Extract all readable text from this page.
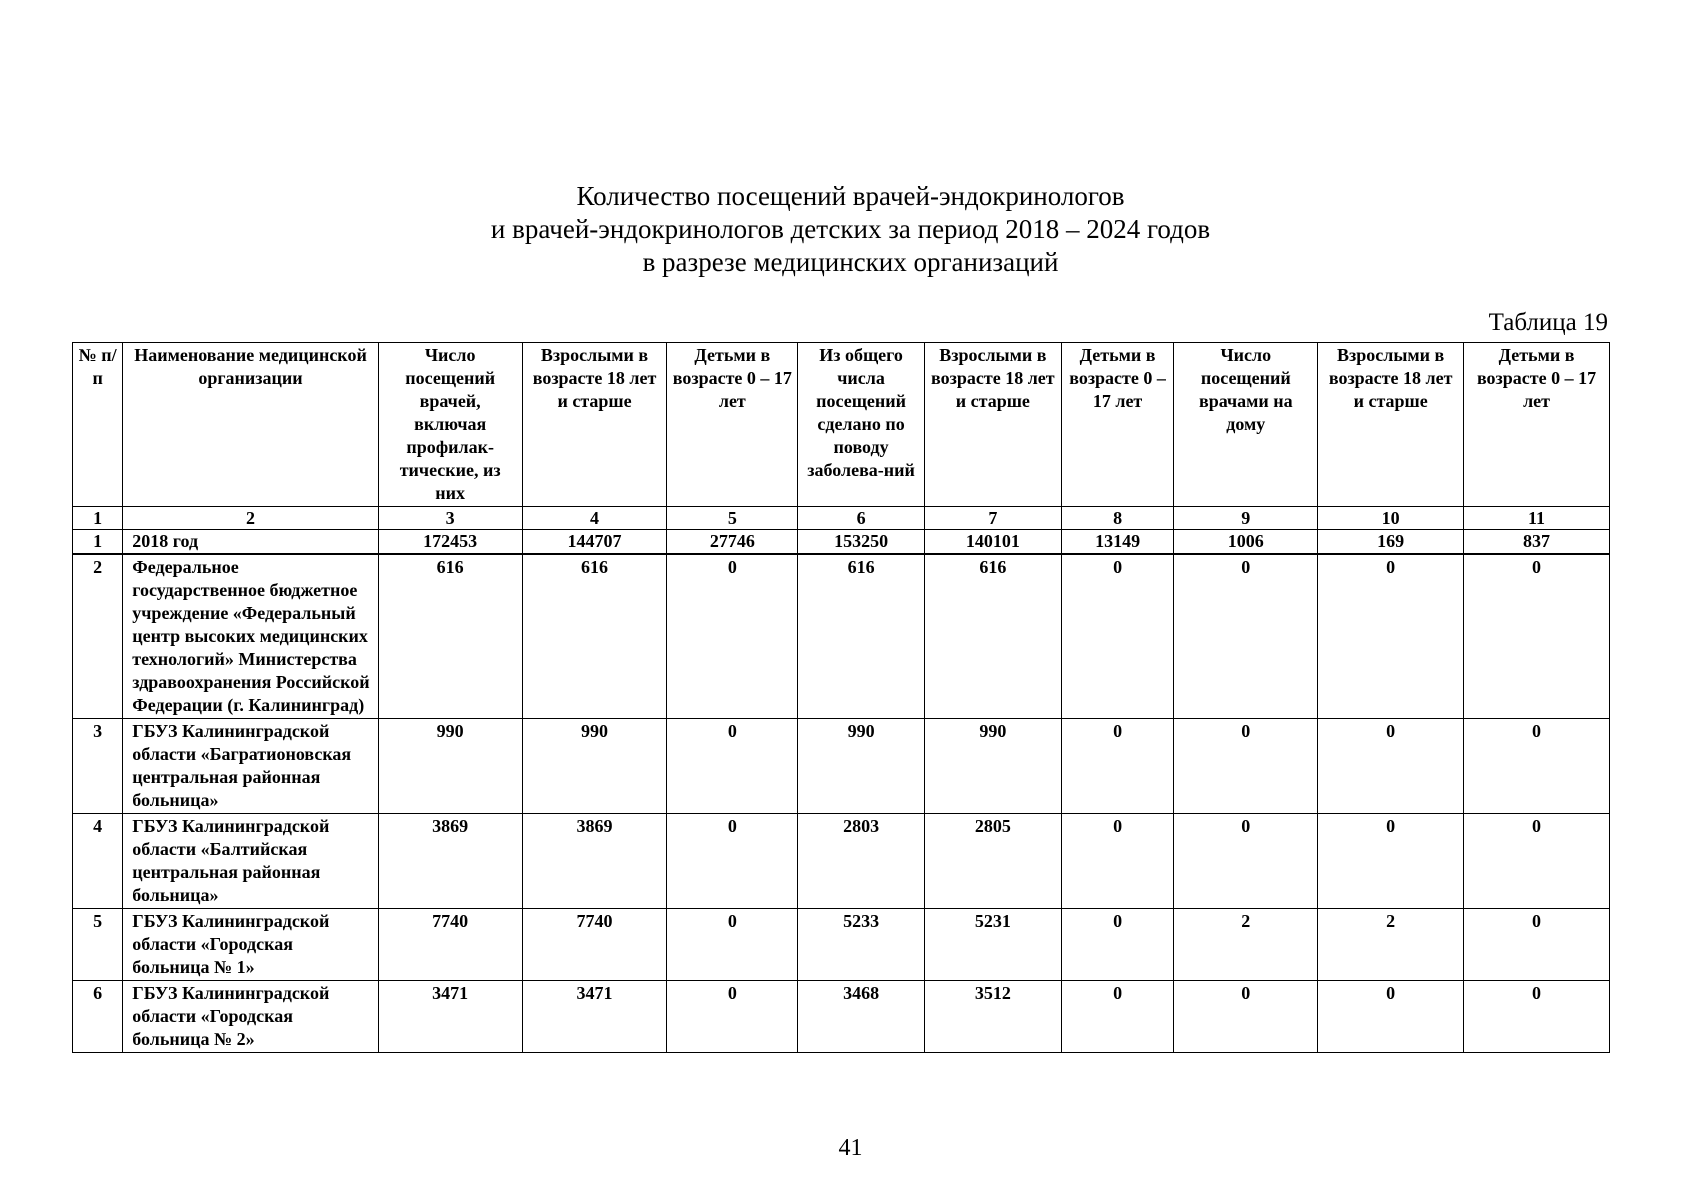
Количество посещений врачей-эндокринологов
и врачей-эндокринологов детских за период 2018 – 2024 годов
в разрезе медицинских организаций
Таблица 19
№ п/п	Наименование медицинской организации	Число посещений врачей, включая профилак-тические, из них	Взрослыми в возрасте 18 лет и старше	Детьми в возрасте 0 – 17 лет	Из общего числа посещений сделано по поводу заболева-ний	Взрослыми в возрасте 18 лет и старше	Детьми в возрасте 0 – 17 лет	Число посещений врачами на дому	Взрослыми в возрасте 18 лет и старше	Детьми в возрасте 0 – 17 лет
1	2	3	4	5	6	7	8	9	10	11
1	2018 год	172453	144707	27746	153250	140101	13149	1006	169	837
2	Федеральное государственное бюджетное учреждение «Федеральный центр высоких медицинских технологий» Министерства здравоохранения Российской Федерации (г. Калининград)	616	616	0	616	616	0	0	0	0
3	ГБУЗ Калининградской области «Багратионовская центральная районная больница»	990	990	0	990	990	0	0	0	0
4	ГБУЗ Калининградской области «Балтийская центральная районная больница»	3869	3869	0	2803	2805	0	0	0	0
5	ГБУЗ Калининградской области «Городская больница № 1»	7740	7740	0	5233	5231	0	2	2	0
6	ГБУЗ Калининградской области «Городская больница № 2»	3471	3471	0	3468	3512	0	0	0	0
41
